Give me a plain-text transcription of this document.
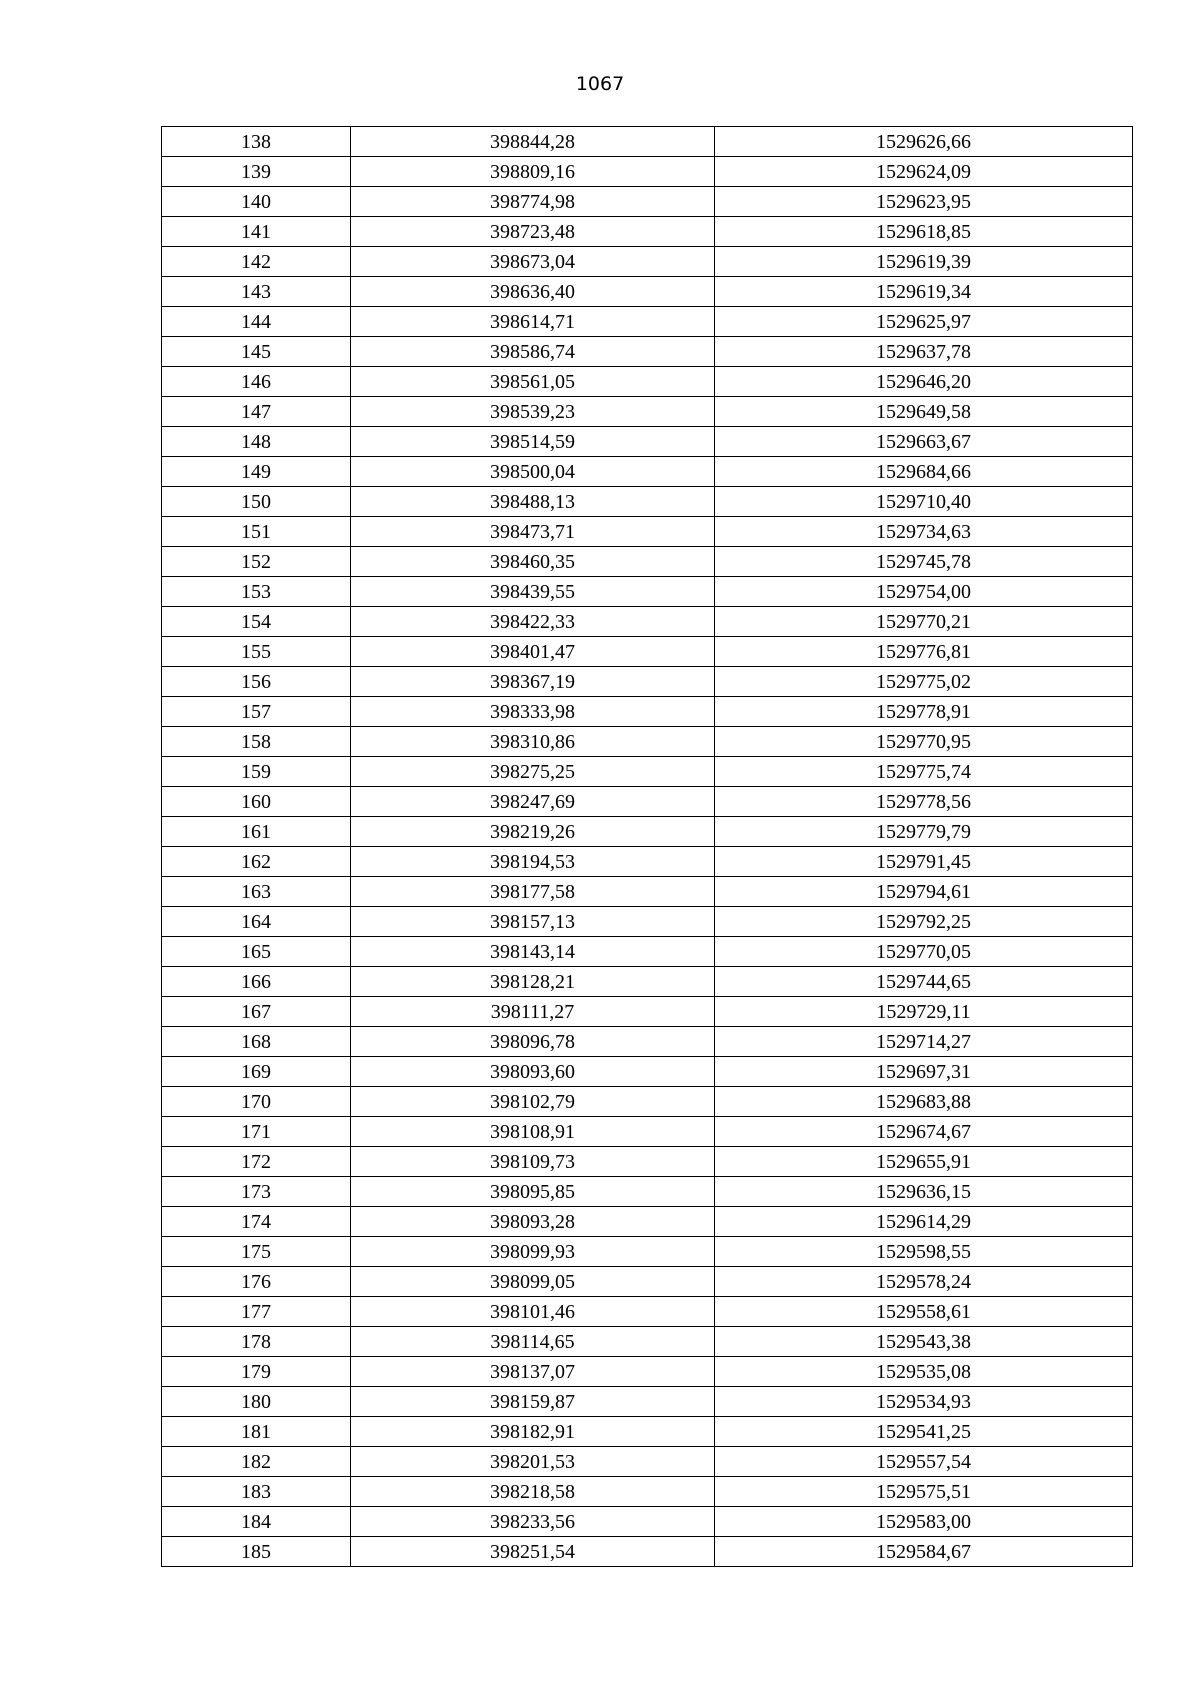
1067
138	398844,28	1529626,66
139	398809,16	1529624,09
140	398774,98	1529623,95
141	398723,48	1529618,85
142	398673,04	1529619,39
143	398636,40	1529619,34
144	398614,71	1529625,97
145	398586,74	1529637,78
146	398561,05	1529646,20
147	398539,23	1529649,58
148	398514,59	1529663,67
149	398500,04	1529684,66
150	398488,13	1529710,40
151	398473,71	1529734,63
152	398460,35	1529745,78
153	398439,55	1529754,00
154	398422,33	1529770,21
155	398401,47	1529776,81
156	398367,19	1529775,02
157	398333,98	1529778,91
158	398310,86	1529770,95
159	398275,25	1529775,74
160	398247,69	1529778,56
161	398219,26	1529779,79
162	398194,53	1529791,45
163	398177,58	1529794,61
164	398157,13	1529792,25
165	398143,14	1529770,05
166	398128,21	1529744,65
167	398111,27	1529729,11
168	398096,78	1529714,27
169	398093,60	1529697,31
170	398102,79	1529683,88
171	398108,91	1529674,67
172	398109,73	1529655,91
173	398095,85	1529636,15
174	398093,28	1529614,29
175	398099,93	1529598,55
176	398099,05	1529578,24
177	398101,46	1529558,61
178	398114,65	1529543,38
179	398137,07	1529535,08
180	398159,87	1529534,93
181	398182,91	1529541,25
182	398201,53	1529557,54
183	398218,58	1529575,51
184	398233,56	1529583,00
185	398251,54	1529584,67
